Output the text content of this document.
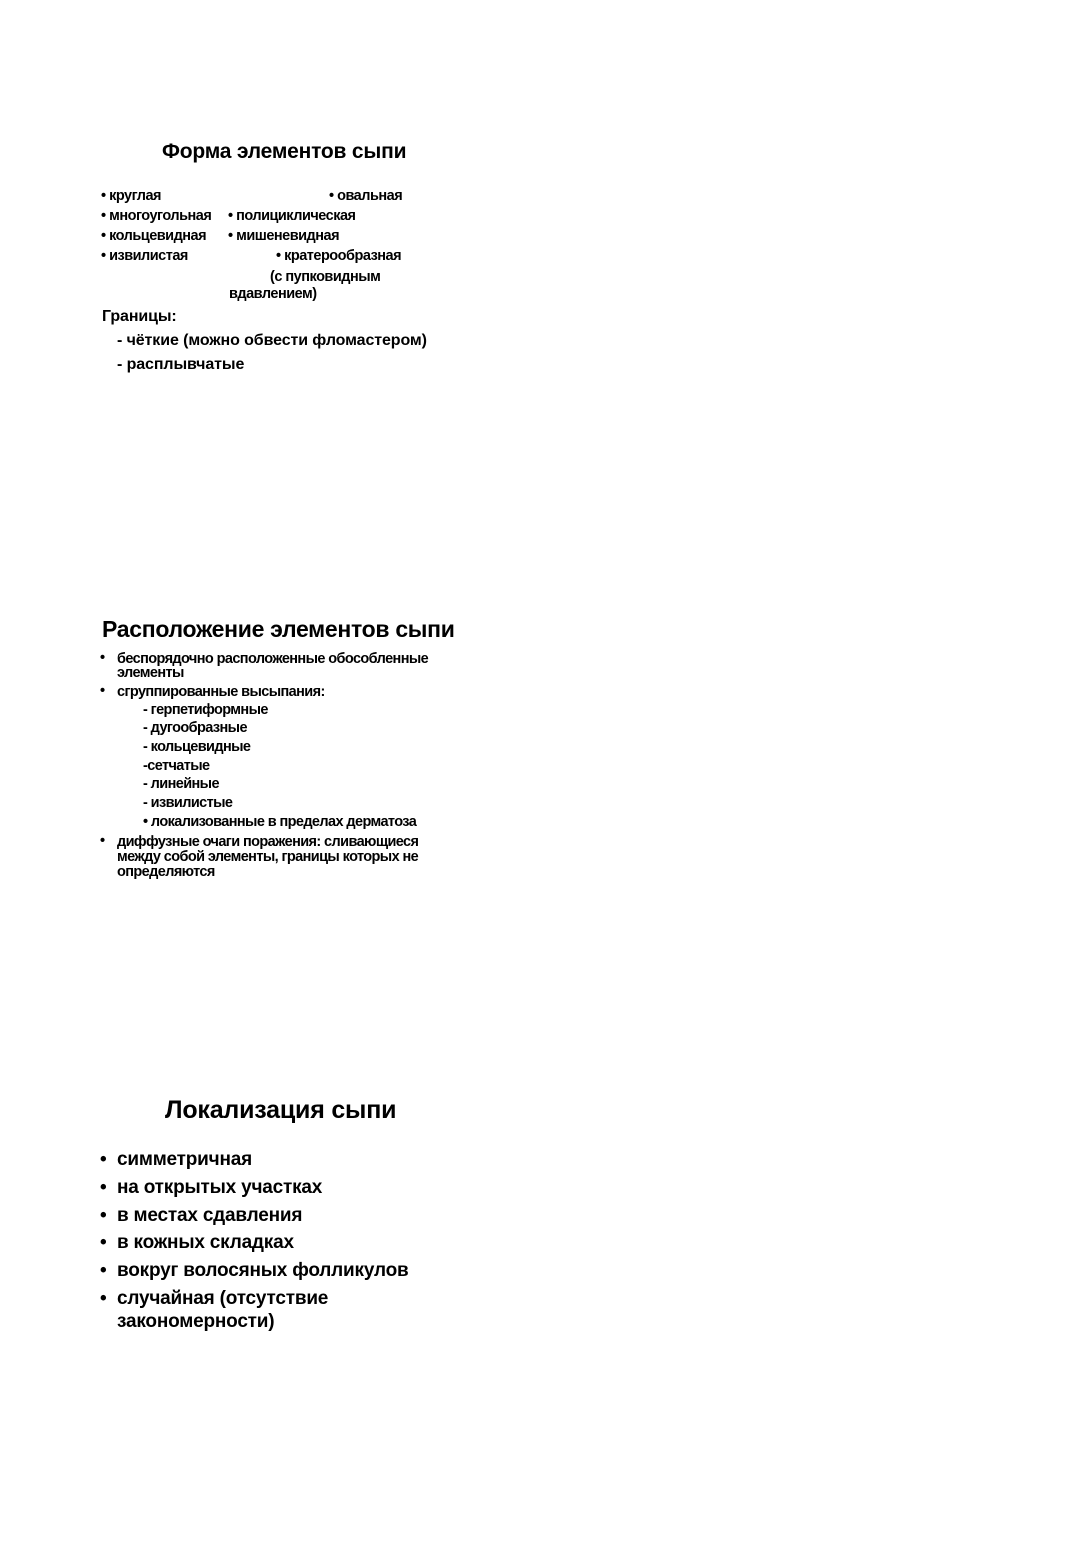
Форма элементов сыпи
• круглая	• овальная
• многоугольная • полициклическая
• кольцевидная • мишеневидная
• извилистая	• кратерообразная
(с пупковидным
вдавлением)
Границы:
- чёткие (можно обвести фломастером)
- расплывчатые
Расположение элементов сыпи
• беспорядочно расположенные обособленные
элементы
• сгруппированные высыпания:
- герпетиформные
- дугообразные
- кольцевидные
-сетчатые
- линейные
- извилистые
• локализованные в пределах дерматоза
• диффузные очаги поражения: сливающиеся
между собой элементы, границы которых не
определяются
Локализация сыпи
• симметричная
• на открытых участках
• в местах сдавления
• в кожных складках
• вокруг волосяных фолликулов
• случайная (отсутствие
закономерности)
